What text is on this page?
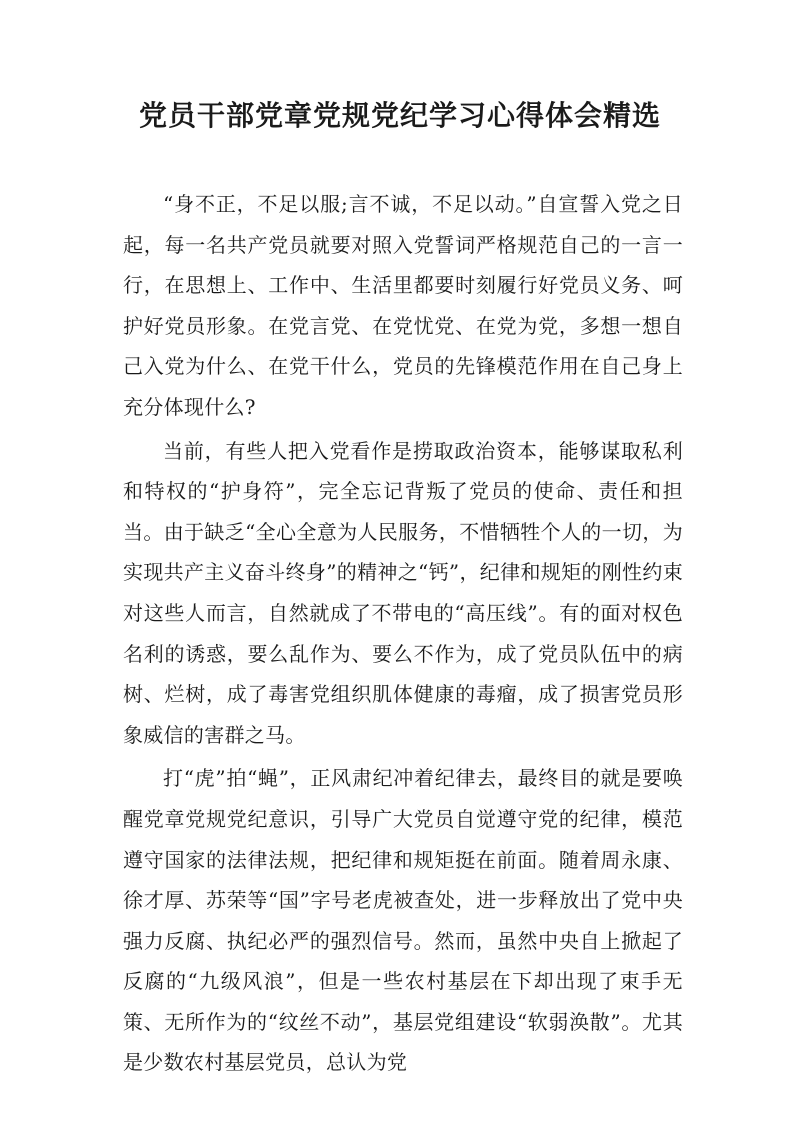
党员干部党章党规党纪学习心得体会精选

“身不正，不足以服;言不诚，不足以动。”自宣誓入党之日起，每一名共产党员就要对照入党誓词严格规范自己的一言一行，在思想上、工作中、生活里都要时刻履行好党员义务、呵护好党员形象。在党言党、在党忧党、在党为党，多想一想自己入党为什么、在党干什么，党员的先锋模范作用在自己身上充分体现什么?

当前，有些人把入党看作是捞取政治资本，能够谋取私利和特权的“护身符”，完全忘记背叛了党员的使命、责任和担当。由于缺乏“全心全意为人民服务，不惜牺牲个人的一切，为实现共产主义奋斗终身”的精神之“钙”，纪律和规矩的刚性约束对这些人而言，自然就成了不带电的“高压线”。有的面对权色名利的诱惑，要么乱作为、要么不作为，成了党员队伍中的病树、烂树，成了毒害党组织肌体健康的毒瘤，成了损害党员形象威信的害群之马。

打“虎”拍“蝇”，正风肃纪冲着纪律去，最终目的就是要唤醒党章党规党纪意识，引导广大党员自觉遵守党的纪律，模范遵守国家的法律法规，把纪律和规矩挺在前面。随着周永康、徐才厚、苏荣等“国”字号老虎被查处，进一步释放出了党中央强力反腐、执纪必严的强烈信号。然而，虽然中央自上掀起了反腐的“九级风浪”，但是一些农村基层在下却出现了束手无策、无所作为的“纹丝不动”，基层党组建设“软弱涣散”。尤其是少数农村基层党员，总认为党
